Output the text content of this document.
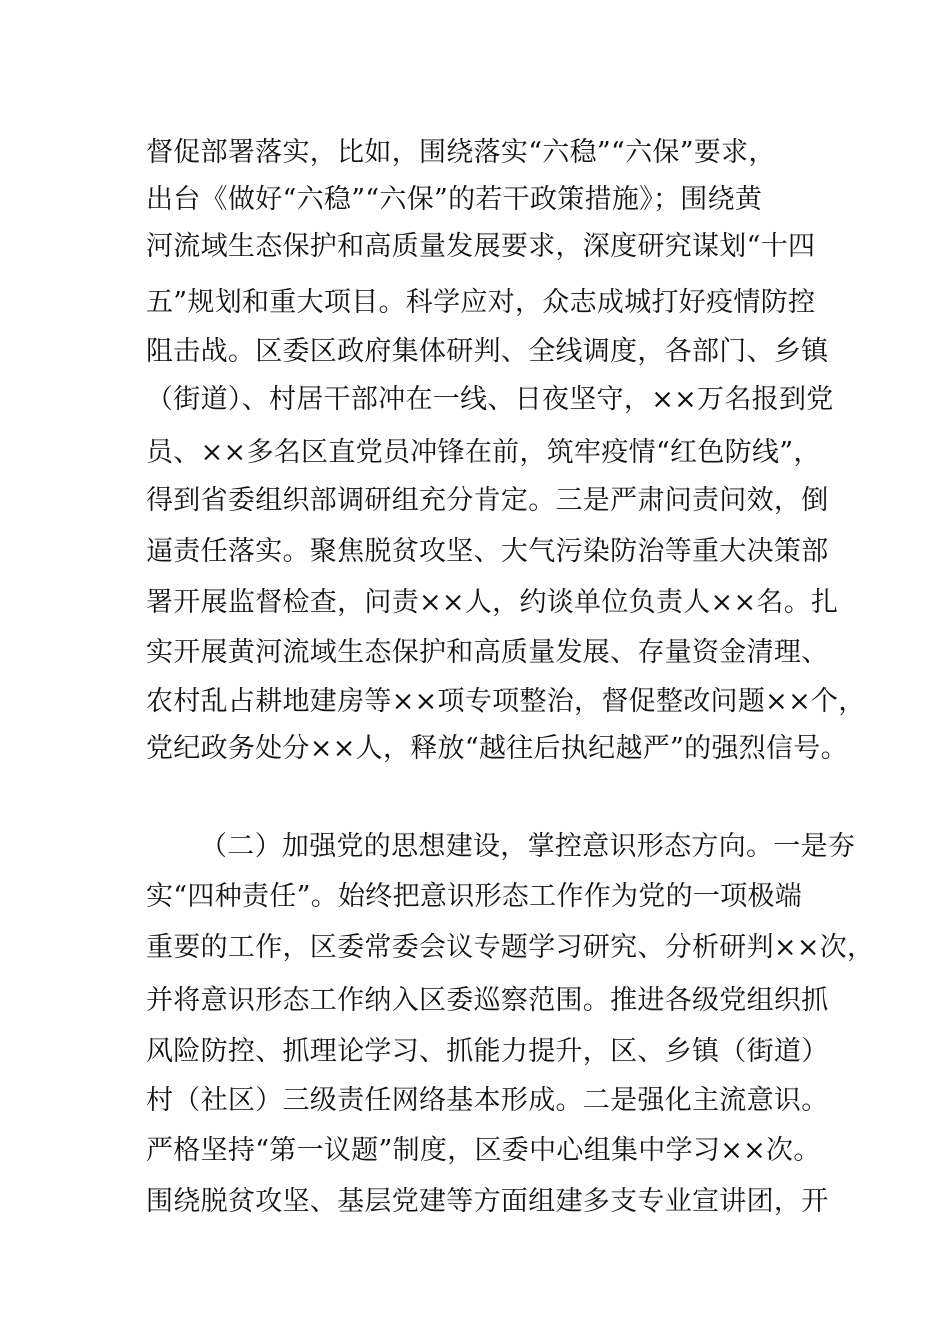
督促部署落实，比如，围绕落实“六稳”“六保”要求，
出台《做好“六稳”“六保”的若干政策措施》；围绕黄
河流域生态保护和高质量发展要求，深度研究谋划“十四
五”规划和重大项目。科学应对，众志成城打好疫情防控
阻击战。区委区政府集体研判、全线调度，各部门、乡镇
（街道）、村居干部冲在一线、日夜坚守，××万名报到党
员、××多名区直党员冲锋在前，筑牢疫情“红色防线”，
得到省委组织部调研组充分肯定。三是严肃问责问效，倒
逼责任落实。聚焦脱贫攻坚、大气污染防治等重大决策部
署开展监督检查，问责××人，约谈单位负责人××名。扎
实开展黄河流域生态保护和高质量发展、存量资金清理、
农村乱占耕地建房等××项专项整治，督促整改问题××个，
党纪政务处分××人，释放“越往后执纪越严”的强烈信号。
（二）加强党的思想建设，掌控意识形态方向。一是夯
实“四种责任”。始终把意识形态工作作为党的一项极端
重要的工作，区委常委会议专题学习研究、分析研判××次，
并将意识形态工作纳入区委巡察范围。推进各级党组织抓
风险防控、抓理论学习、抓能力提升，区、乡镇（街道）
村（社区）三级责任网络基本形成。二是强化主流意识。
严格坚持“第一议题”制度，区委中心组集中学习××次。
围绕脱贫攻坚、基层党建等方面组建多支专业宣讲团，开
